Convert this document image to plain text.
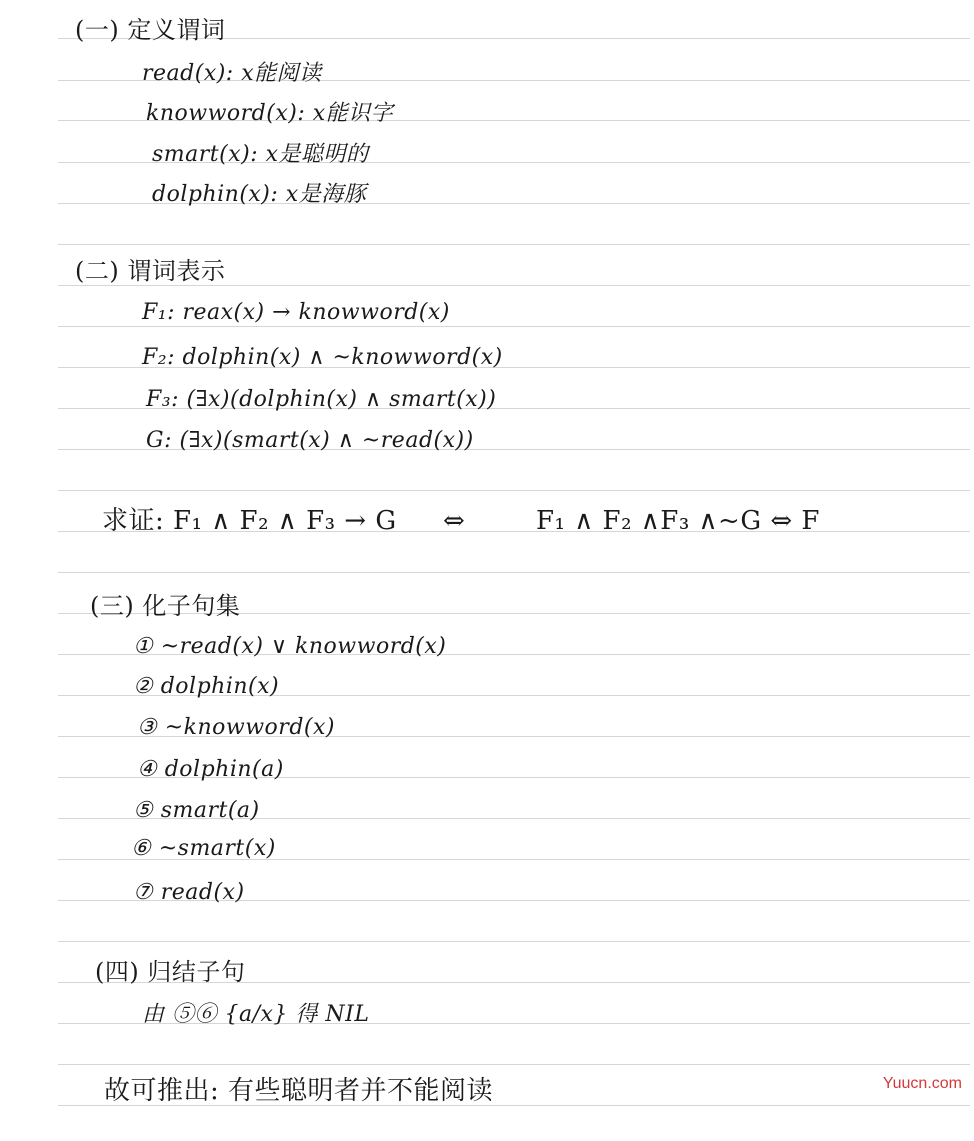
(一) 定义谓词
read(x): x能阅读
knowword(x): x能识字
smart(x): x是聪明的
dolphin(x): x是海豚
(二) 谓词表示
F₁: reax(x) → knowword(x)
F₂: dolphin(x) ∧ ~knowword(x)
F₃: (∃x)(dolphin(x) ∧ smart(x))
G: (∃x)(smart(x) ∧ ~read(x))
求证: F₁ ∧ F₂ ∧ F₃ → G ⇔	F₁ ∧ F₂ ∧F₃ ∧~G ⇔ F
(三) 化子句集
① ~read(x) ∨ knowword(x)
② dolphin(x)
③ ~knowword(x)
④ dolphin(a)
⑤ smart(a)
⑥ ~smart(x)
⑦ read(x)
(四) 归结子句
由 ⑤⑥ {a/x} 得 NIL
故可推出: 有些聪明者并不能阅读	Yuucn.com
